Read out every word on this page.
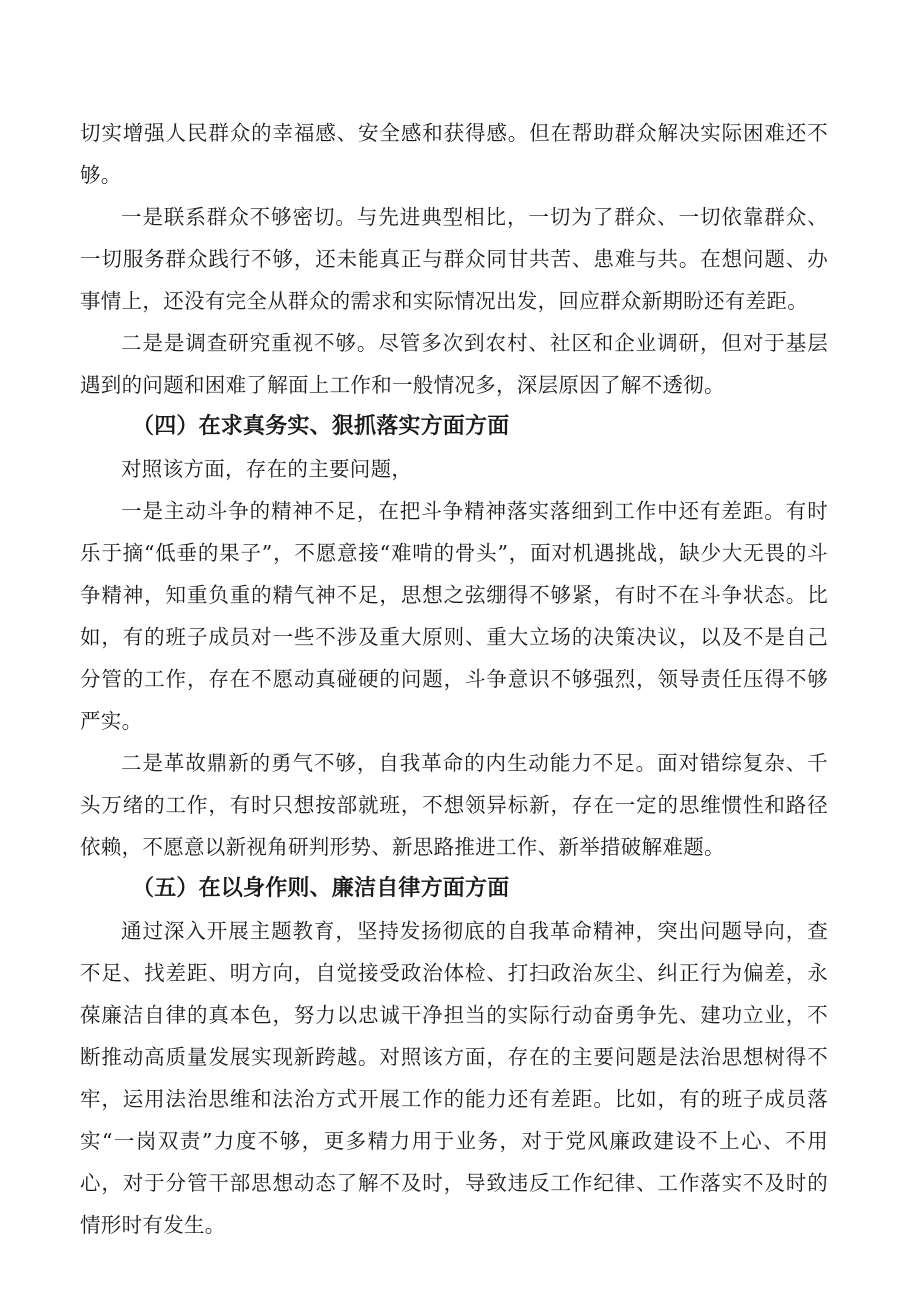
切实增强人民群众的幸福感、安全感和获得感。但在帮助群众解决实际困难还不够。

一是联系群众不够密切。与先进典型相比，一切为了群众、一切依靠群众、一切服务群众践行不够，还未能真正与群众同甘共苦、患难与共。在想问题、办事情上，还没有完全从群众的需求和实际情况出发，回应群众新期盼还有差距。

二是是调查研究重视不够。尽管多次到农村、社区和企业调研，但对于基层遇到的问题和困难了解面上工作和一般情况多，深层原因了解不透彻。

（四）在求真务实、狠抓落实方面方面

对照该方面，存在的主要问题，

一是主动斗争的精神不足，在把斗争精神落实落细到工作中还有差距。有时乐于摘“低垂的果子”，不愿意接“难啃的骨头”，面对机遇挑战，缺少大无畏的斗争精神，知重负重的精气神不足，思想之弦绷得不够紧，有时不在斗争状态。比如，有的班子成员对一些不涉及重大原则、重大立场的决策决议，以及不是自己分管的工作，存在不愿动真碰硬的问题，斗争意识不够强烈，领导责任压得不够严实。

二是革故鼎新的勇气不够，自我革命的内生动能力不足。面对错综复杂、千头万绪的工作，有时只想按部就班，不想领异标新，存在一定的思维惯性和路径依赖，不愿意以新视角研判形势、新思路推进工作、新举措破解难题。

（五）在以身作则、廉洁自律方面方面

通过深入开展主题教育，坚持发扬彻底的自我革命精神，突出问题导向，查不足、找差距、明方向，自觉接受政治体检、打扫政治灰尘、纠正行为偏差，永葆廉洁自律的真本色，努力以忠诚干净担当的实际行动奋勇争先、建功立业，不断推动高质量发展实现新跨越。对照该方面，存在的主要问题是法治思想树得不牢，运用法治思维和法治方式开展工作的能力还有差距。比如，有的班子成员落实“一岗双责”力度不够，更多精力用于业务，对于党风廉政建设不上心、不用心，对于分管干部思想动态了解不及时，导致违反工作纪律、工作落实不及时的情形时有发生。
